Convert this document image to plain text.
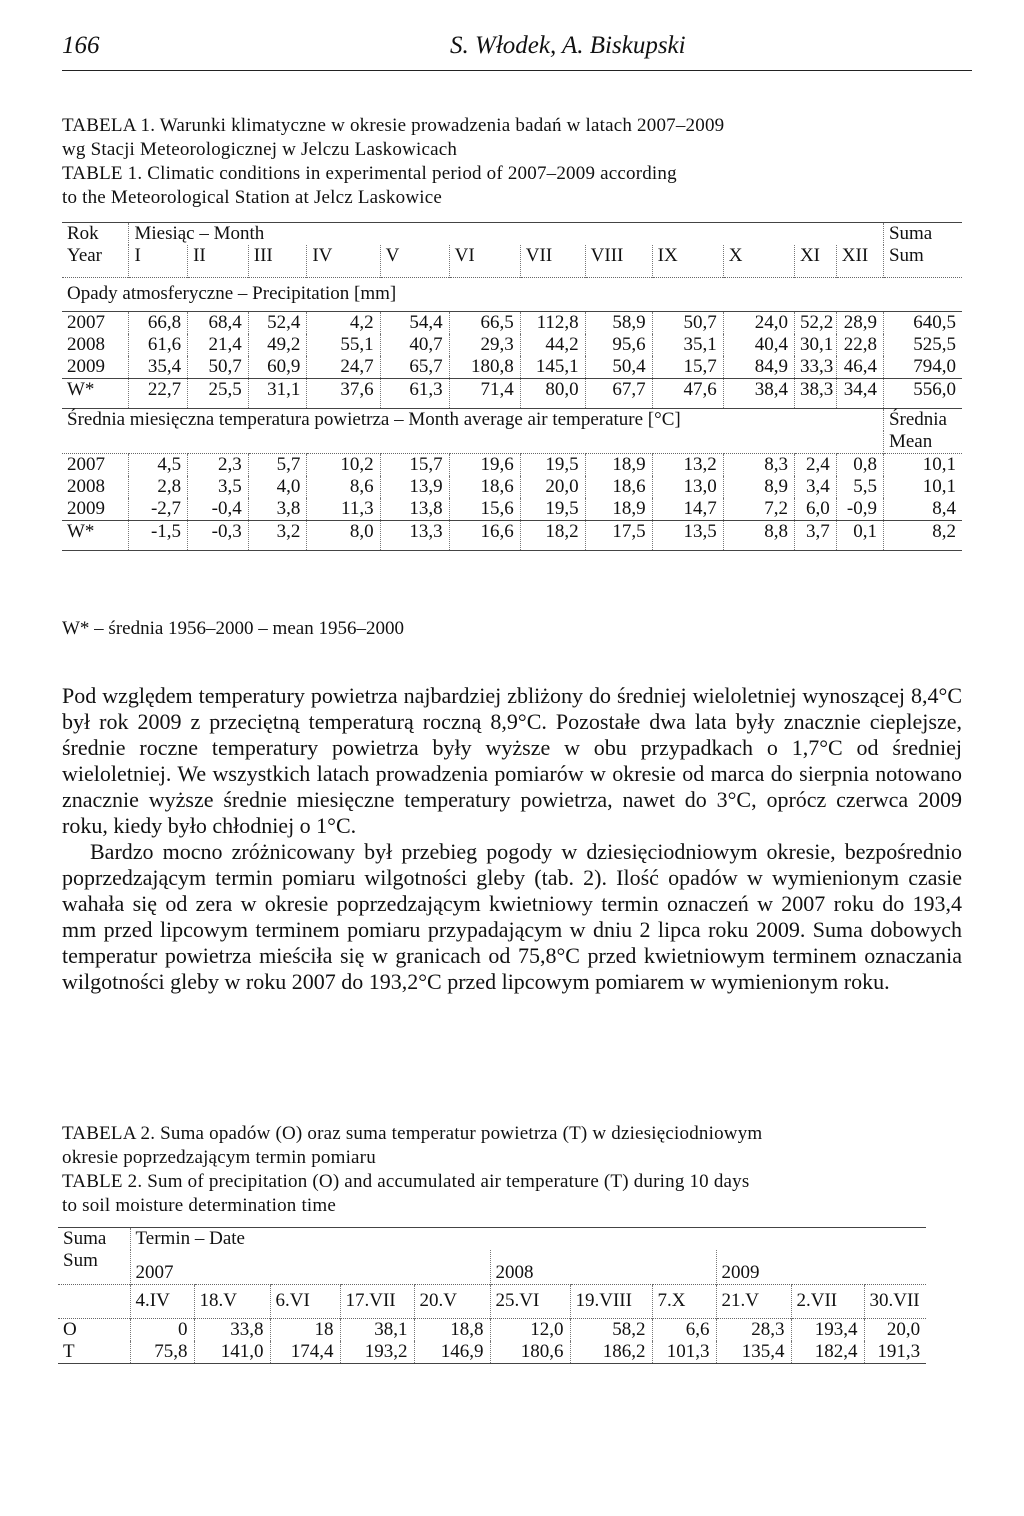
166	S. Włodek, A. Biskupski
TABELA 1. Warunki klimatyczne w okresie prowadzenia badań w latach 2007–2009
wg Stacji Meteorologicznej w Jelczu Laskowicach
TABLE 1. Climatic conditions in experimental period of 2007–2009 according
to the Meteorological Station at Jelcz Laskowice
Rok	Miesiąc – Month												Suma
Year	I	II	III	IV	V	VI	VII	VIII	IX	X	XI	XII	Sum
Opady atmosferyczne – Precipitation [mm]													
2007	66,8	68,4	52,4	4,2	54,4	66,5	112,8	58,9	50,7	24,0	52,2	28,9	640,5
2008	61,6	21,4	49,2	55,1	40,7	29,3	44,2	95,6	35,1	40,4	30,1	22,8	525,5
2009	35,4	50,7	60,9	24,7	65,7	180,8	145,1	50,4	15,7	84,9	33,3	46,4	794,0
W*	22,7	25,5	31,1	37,6	61,3	71,4	80,0	67,7	47,6	38,4	38,3	34,4	556,0
Średnia miesięczna temperatura powietrza – Month average air temperature [°C]													Średnia
													Mean
2007	4,5	2,3	5,7	10,2	15,7	19,6	19,5	18,9	13,2	8,3	2,4	0,8	10,1
2008	2,8	3,5	4,0	8,6	13,9	18,6	20,0	18,6	13,0	8,9	3,4	5,5	10,1
2009	-2,7	-0,4	3,8	11,3	13,8	15,6	19,5	18,9	14,7	7,2	6,0	-0,9	8,4
W*	-1,5	-0,3	3,2	8,0	13,3	16,6	18,2	17,5	13,5	8,8	3,7	0,1	8,2
W* – średnia 1956–2000 – mean 1956–2000

Pod względem temperatury powietrza najbardziej zbliżony do średniej wieloletniej wynoszącej 8,4°C był rok 2009 z przeciętną temperaturą roczną 8,9°C. Pozostałe dwa lata były znacznie cieplejsze, średnie roczne temperatury powietrza były wyższe w obu przypadkach o 1,7°C od średniej wieloletniej. We wszystkich latach prowadzenia pomiarów w okresie od marca do sierpnia notowano znacznie wyższe średnie miesięczne temperatury powietrza, nawet do 3°C, oprócz czerwca 2009 roku, kiedy było chłodniej o 1°C.

Bardzo mocno zróżnicowany był przebieg pogody w dziesięciodniowym okresie, bezpośrednio poprzedzającym termin pomiaru wilgotności gleby (tab. 2). Ilość opadów w wymienionym czasie wahała się od zera w okresie poprzedzającym kwietniowy termin oznaczeń w 2007 roku do 193,4 mm przed lipcowym terminem pomiaru przypadającym w dniu 2 lipca roku 2009. Suma dobowych temperatur powietrza mieściła się w granicach od 75,8°C przed kwietniowym terminem oznaczania wilgotności gleby w roku 2007 do 193,2°C przed lipcowym pomiarem w wymienionym roku.

TABELA 2. Suma opadów (O) oraz suma temperatur powietrza (T) w dziesięciodniowym
okresie poprzedzającym termin pomiaru
TABLE 2. Sum of precipitation (O) and accumulated air temperature (T) during 10 days
to soil moisture determination time
Suma	Termin – Date										
Sum	2007					2008			2009		
	4.IV	18.V	6.VI	17.VII	20.V	25.VI	19.VIII	7.X	21.V	2.VII	30.VII
O	0	33,8	18	38,1	18,8	12,0	58,2	6,6	28,3	193,4	20,0
T	75,8	141,0	174,4	193,2	146,9	180,6	186,2	101,3	135,4	182,4	191,3
